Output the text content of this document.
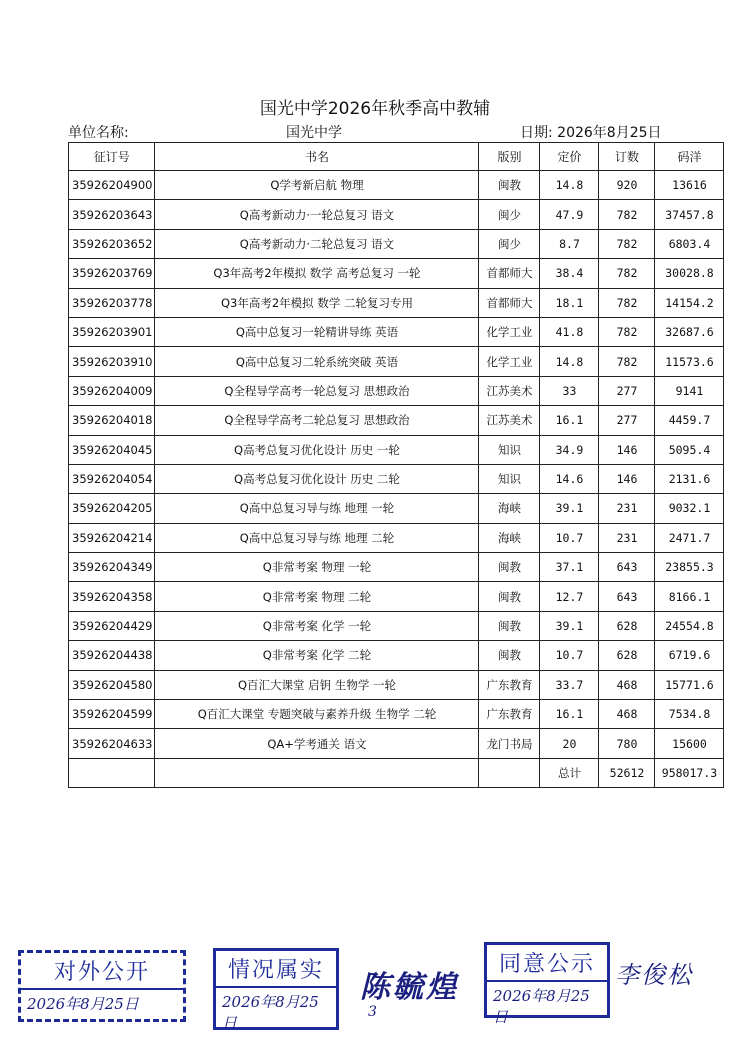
国光中学2026年秋季高中教辅
单位名称:	国光中学	日期: 2026年8月25日
征订号	书名	版别	定价	订数	码洋
35926204900	Q学考新启航 物理	闽教	14.8	920	13616
35926203643	Q高考新动力·一轮总复习 语文	闽少	47.9	782	37457.8
35926203652	Q高考新动力·二轮总复习 语文	闽少	8.7	782	6803.4
35926203769	Q3年高考2年模拟 数学 高考总复习 一轮	首都师大	38.4	782	30028.8
35926203778	Q3年高考2年模拟 数学 二轮复习专用	首都师大	18.1	782	14154.2
35926203901	Q高中总复习一轮精讲导练 英语	化学工业	41.8	782	32687.6
35926203910	Q高中总复习二轮系统突破 英语	化学工业	14.8	782	11573.6
35926204009	Q全程导学高考一轮总复习 思想政治	江苏美术	33	277	9141
35926204018	Q全程导学高考二轮总复习 思想政治	江苏美术	16.1	277	4459.7
35926204045	Q高考总复习优化设计 历史 一轮	知识	34.9	146	5095.4
35926204054	Q高考总复习优化设计 历史 二轮	知识	14.6	146	2131.6
35926204205	Q高中总复习导与练 地理 一轮	海峡	39.1	231	9032.1
35926204214	Q高中总复习导与练 地理 二轮	海峡	10.7	231	2471.7
35926204349	Q非常考案 物理 一轮	闽教	37.1	643	23855.3
35926204358	Q非常考案 物理 二轮	闽教	12.7	643	8166.1
35926204429	Q非常考案 化学 一轮	闽教	39.1	628	24554.8
35926204438	Q非常考案 化学 二轮	闽教	10.7	628	6719.6
35926204580	Q百汇大课堂 启钥 生物学 一轮	广东教育	33.7	468	15771.6
35926204599	Q百汇大课堂 专题突破与素养升级 生物学 二轮	广东教育	16.1	468	7534.8
35926204633	QA+学考通关 语文	龙门书局	20	780	15600
			总计	52612	958017.3
对外公开
2026年8月25日
情况属实
2026年8月25日
陈毓煌
3
同意公示
2026年8月25日
李俊松
